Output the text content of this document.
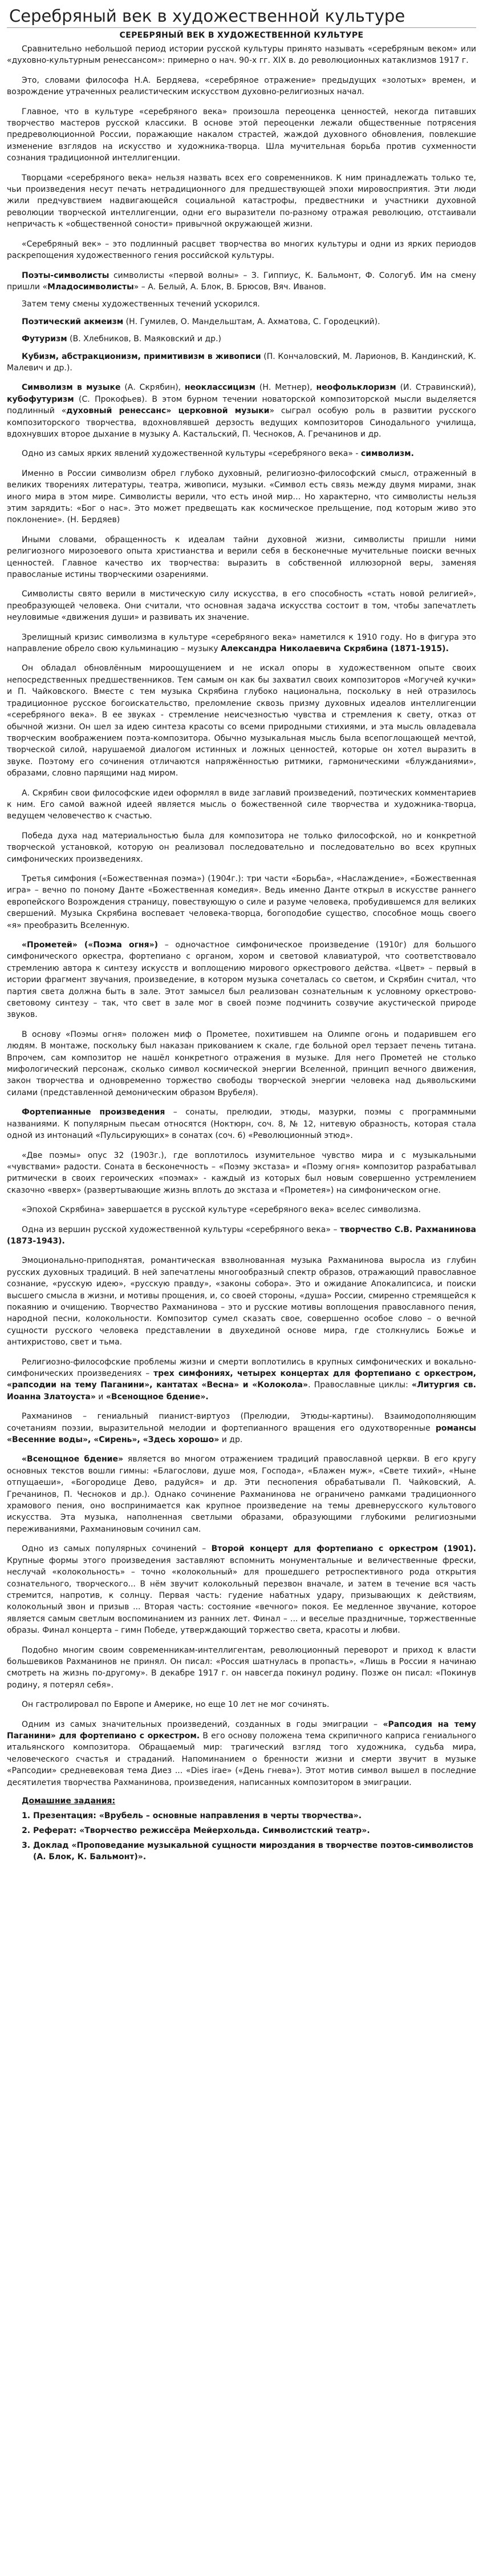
Серебряный век в художественной культуре
СЕРЕБРЯНЫЙ ВЕК В ХУДОЖЕСТВЕННОЙ КУЛЬТУРЕ

Сравнительно небольшой период истории русской культуры принято называть «серебряным веком» или «духовно-культурным ренессансом»: примерно о нач. 90-х гг. XIX в. до революционных катаклизмов 1917 г.

Это, словами философа Н.А. Бердяева, «серебряное отражение» предыдущих «золотых» времен, и возрождение утраченных реалистическим искусством духовно-религиозных начал.

Главное, что в культуре «серебряного века» произошла переоценка ценностей, некогда питавших творчество мастеров русской классики. В основе этой переоценки лежали общественные потрясения предреволюционной России, поражающие накалом страстей, жаждой духовного обновления, повлекшие изменение взглядов на искусство и художника-творца. Шла мучительная борьба против сухменности сознания традиционной интеллигенции.

Творцами «серебряного века» нельзя назвать всех его современников. К ним принадлежать только те, чьи произведения несут печать нетрадиционного для предшествующей эпохи мировосприятия. Эти люди жили предчувствием надвигающейся социальной катастрофы, предвестники и участники духовной революции творческой интеллигенции, одни его выразители по-разному отражая революцию, отстаивали непричасть к «общественной соности» привычной окружающей жизни.

«Серебряный век» – это подлинный расцвет творчества во многих культуры и одни из ярких периодов раскрепощения художественного гения российской культуры.

Поэты-символисты символисты «первой волны» – З. Гиппиус, К. Бальмонт, Ф. Сологуб. Им на смену пришли «Младосимволисты» – А. Белый, А. Блок, В. Брюсов, Вяч. Иванов.

Затем тему смены художественных течений ускорился.

Поэтический акмеизм (Н. Гумилев, О. Мандельштам, А. Ахматова, С. Городецкий).

Футуризм (В. Хлебников, В. Маяковский и др.)

Кубизм, абстракционизм, примитивизм в живописи (П. Кончаловский, М. Ларионов, В. Кандинский, К. Малевич и др.).

Символизм в музыке (А. Скрябин), неоклассицизм (Н. Метнер), неофольклоризм (И. Стравинский), кубофутуризм (С. Прокофьев). В этом бурном течении новаторской композиторской мысли выделяется подлинный «духовный ренессанс» церковной музыки» сыграл особую роль в развитии русского композиторского творчества, вдохновлявшей дерзость ведущих композиторов Синодального училища, вдохнувших второе дыхание в музыку А. Кастальский, П. Чесноков, А. Гречанинов и др.

Одно из самых ярких явлений художественной культуры «серебряного века» - символизм.

Именно в России символизм обрел глубоко духовный, религиозно-философский смысл, отраженный в великих творениях литературы, театра, живописи, музыки. «Символ есть связь между двумя мирами, знак иного мира в этом мире. Символисты верили, что есть иной мир… Но характерно, что символисты нельзя этим зарядить: «Бог о нас». Это может предвещать как космическое прельщение, под которым живо это поклонение». (Н. Бердяев)

Иными словами, обращенность к идеалам тайни духовной жизни, символисты пришли ними религиозного мирозоевого опыта христианства и верили себя в бесконечные мучительные поиски вечных ценностей. Главное качество их творчества: выразить в собственной иллюзорной веры, заменяя правосланые истины творческими озарениями.

Символисты свято верили в мистическую силу искусства, в его способность «стать новой религией», преобразующей человека. Они считали, что основная задача искусства состоит в том, чтобы запечатлеть неуловимые «движения души» и развивать их значение.

Зрелищный кризис символизма в культуре «серебряного века» наметился к 1910 году. Но в фигура это направление обрело свою кульминацию – музыку Александра Николаевича Скрябина (1871-1915).

Он обладал обновлённым мироощущением и не искал опоры в художественном опыте своих непосредственных предшественников. Тем самым он как бы захватил своих композиторов «Могучей кучки» и П. Чайковского. Вместе с тем музыка Скрябина глубоко национальна, поскольку в ней отразилось традиционное русское богоискательство, преломление сквозь призму духовных идеалов интеллигенции «серебряного века». В ее звуках - стремление неисчезностью чувства и стремления к свету, отказ от обычной жизни. Он шел за идею синтеза красоты со всеми природными стихиями, и эта мысль овладевала творческим воображением поэта-композитора. Обычно музыкальная мысль была всепоглощающей мечтой, творческой силой, нарушаемой диалогом истинных и ложных ценностей, которые он хотел выразить в звуке. Поэтому его сочинения отличаются напряжённостью ритмики, гармоническими «блужданиями», образами, словно парящими над миром.

А. Скрябин свои философские идеи оформлял в виде заглавий произведений, поэтических комментариев к ним. Его самой важной идеей является мысль о божественной силе творчества и художника-творца, ведущем человечество к счастью.

Победа духа над материальностью была для композитора не только философской, но и конкретной творческой установкой, которую он реализовал последовательно и последовательно во всех крупных симфонических произведениях.

Третья симфония («Божественная поэма») (1904г.): три части «Борьба», «Наслаждение», «Божественная игра» – вечно по поному Данте «Божественная комедия». Ведь именно Данте открыл в искусстве раннего европейского Возрождения страницу, повествующую о силе и разуме человека, пробудившемся для великих свершений. Музыка Скрябина воспевает человека-творца, богоподобие существо, способное мощь своего «я» преобразить Вселенную.

«Прометей» («Поэма огня») – одночастное симфоническое произведение (1910г) для большого симфонического оркестра, фортепиано с органом, хором и световой клавиатурой, что соответствовало стремлению автора к синтезу искусств и воплощению мирового оркестрового действа. «Цвет» – первый в истории фрагмент звучания, произведение, в котором музыка сочеталась со светом, и Скрябин считал, что партия света должна быть в зале. Этот замысел был реализован сознательным к условному оркестрово-световому синтезу – так, что свет в зале мог в своей поэме подчинить созвучие акустической природе звуков.

В основу «Поэмы огня» положен миф о Прометее, похитившем на Олимпе огонь и подарившем его людям. В монтаже, поскольку был наказан прикованием к скале, где больной орел терзает печень титана. Впрочем, сам композитор не нашёл конкретного отражения в музыке. Для него Прометей не столько мифологический персонаж, сколько символ космической энергии Вселенной, принцип вечного движения, закон творчества и одновременно торжество свободы творческой энергии человека над дьявольскими силами (представленной демоническим образом Врубеля).

Фортепианные произведения – сонаты, прелюдии, этюды, мазурки, поэмы с программными названиями. К популярным пьесам относятся (Ноктюрн, соч. 8, № 12, нитевую образность, которая стала одной из интонаций «Пульсирующих» в сонатах (соч. 6) «Революционный этюд».

«Две поэмы» опус 32 (1903г.), где воплотилось изумительное чувство мира и с музыкальными «чувствами» радости. Соната в бесконечность – «Поэму экстаза» и «Поэму огня» композитор разрабатывал ритмически в своих героических «поэмах» - каждый из которых был новым совершенно устремлением сказочно «вверх» (развертывающие жизнь вплоть до экстаза и «Прометея») на симфоническом огне.

«Эпохой Скрябина» завершается в русской культуре «серебряного века» вселес символизма.

Одна из вершин русской художественной культуры «серебряного века» – творчество С.В. Рахманинова (1873-1943).

Эмоционально-приподнятая, романтическая взволнованная музыка Рахманинова выросла из глубин русских духовных традиций. В ней запечатлены многообразный спектр образов, отражающий православное сознание, «русскую идею», «русскую правду», «законы собора». Это и ожидание Апокалипсиса, и поиски высшего смысла в жизни, и мотивы прощения, и, со своей стороны, «душа» России, смиренно стремящейся к покаянию и очищению. Творчество Рахманинова – это и русские мотивы воплощения православного пения, народной песни, колокольности. Композитор сумел сказать свое, совершенно особое слово – о вечной сущности русского человека представлении в двухединой основе мира, где столкнулись Божье и антихристово, свет и тьма.

Религиозно-философские проблемы жизни и смерти воплотились в крупных симфонических и вокально-симфонических произведениях – трех симфониях, четырех концертах для фортепиано с оркестром, «рапсодии на тему Паганини», кантатах «Весна» и «Колокола». Православные циклы: «Литургия св. Иоанна Златоуста» и «Всенощное бдение».

Рахманинов – гениальный пианист-виртуоз (Прелюдии, Этюды-картины). Взаимодополняющим сочетаниям поэзии, выразительной мелодии и фортепианного вращения его одухотворенные романсы «Весенние воды», «Сирень», «Здесь хорошо» и др.

«Всенощное бдение» является во многом отражением традиций православной церкви. В его кругу основных текстов вошли гимны: «Благослови, душе моя, Господа», «Блажен муж», «Свете тихий», «Ныне отпущаеши», «Богородице Дево, радуйся» и др. Эти песнопения обрабатывали П. Чайковский, А. Гречанинов, П. Чесноков и др.). Однако сочинение Рахманинова не ограничено рамками традиционного храмового пения, оно воспринимается как крупное произведение на темы древнерусского культового искусства. Эта музыка, наполненная светлыми образами, образующими глубокими религиозными переживаниями, Рахманиновым сочинил сам.

Одно из самых популярных сочинений – Второй концерт для фортепиано с оркестром (1901). Крупные формы этого произведения заставляют вспомнить монументальные и величественные фрески, неслучай «колокольность» – точно «колокольный» для прошедшего ретроспективного рода открытия сознательного, творческого... В нём звучит колокольный перезвон вначале, и затем в течение вся часть стремится, напротив, к солнцу. Первая часть: гудение набатных удару, призывающих к действиям, колокольный звон и призыв ... Вторая часть: состояние «вечного» покоя. Ее медленное звучание, которое является самым светлым воспоминанием из ранних лет. Финал – ... и веселые праздничные, торжественные образы. Финал концерта – гимн Победе, утверждающий торжество света, красоты и любви.

Подобно многим своим современникам-интеллигентам, революционный переворот и приход к власти большевиков Рахманинов не принял. Он писал: «Россия шатнулась в пропасть», «Лишь в России я начинаю смотреть на жизнь по-другому». В декабре 1917 г. он навсегда покинул родину. Позже он писал: «Покинув родину, я потерял себя».

Он гастролировал по Европе и Америке, но еще 10 лет не мог сочинять.

Одним из самых значительных произведений, созданных в годы эмиграции – «Рапсодия на тему Паганини» для фортепиано с оркестром. В его основу положена тема скрипичного каприса гениального итальянского композитора. Обращаемый мир: трагический взгляд того художника, судьба мира, человеческого счастья и страданий. Напоминанием о бренности жизни и смерти звучит в музыке «Рапсодии» средневековая тема Диез ... «Dies irae» («День гнева»). Этот мотив символ вышел в последние десятилетия творчества Рахманинова, произведения, написанных композитором в эмиграции.

Домашние задания:
1. Презентация: «Врубель – основные направления в черты творчества».
2. Реферат: «Творчество режиссёра Мейерхольда. Символистский театр».
3. Доклад «Проповедание музыкальной сущности мироздания в творчестве поэтов-символистов (А. Блок, К. Бальмонт)».
